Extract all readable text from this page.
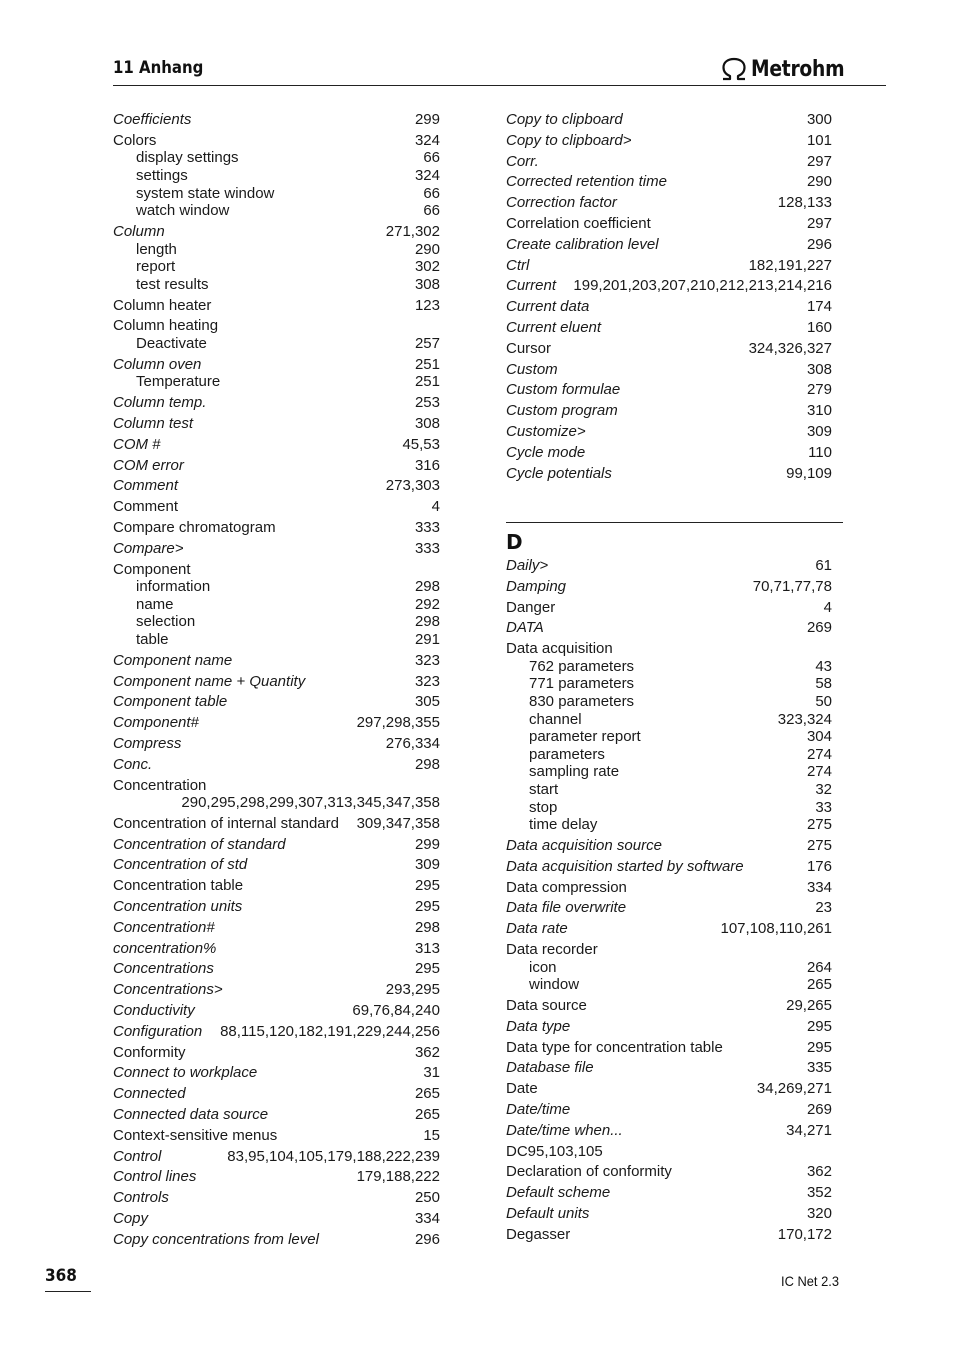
11 Anhang	Metrohm
Coefficients	299
Colors	324
display settings	66
settings	324
system state window	66
watch window	66
Column	271,302
length	290
report	302
test results	308
Column heater	123
Column heating
Deactivate	257
Column oven	251
Temperature	251
Column temp.	253
Column test	308
COM #	45,53
COM error	316
Comment	273,303
Comment	4
Compare chromatogram	333
Compare>	333
Component
information	298
name	292
selection	298
table	291
Component name	323
Component name + Quantity	323
Component table	305
Component#	297,298,355
Compress	276,334
Conc.	298
Concentration
290,295,298,299,307,313,345,347,358
Concentration of internal standard 309,347,358
Concentration of standard	299
Concentration of std	309
Concentration table	295
Concentration units	295
Concentration#	298
concentration%	313
Concentrations	295
Concentrations>	293,295
Conductivity	69,76,84,240
Configuration 88,115,120,182,191,229,244,256
Conformity	362
Connect to workplace	31
Connected	265
Connected data source	265
Context-sensitive menus	15
Control	83,95,104,105,179,188,222,239
Control lines	179,188,222
Controls	250
Copy	334
Copy concentrations from level	296
Copy to clipboard	300
Copy to clipboard>	101
Corr.	297
Corrected retention time	290
Correction factor	128,133
Correlation coefficient	297
Create calibration level	296
Ctrl	182,191,227
Current 199,201,203,207,210,212,213,214,216
Current data	174
Current eluent	160
Cursor	324,326,327
Custom	308
Custom formulae	279
Custom program	310
Customize>	309
Cycle mode	110
Cycle potentials	99,109
D
Daily>	61
Damping	70,71,77,78
Danger	4
DATA	269
Data acquisition
762 parameters	43
771 parameters	58
830 parameters	50
channel	323,324
parameter report	304
parameters	274
sampling rate	274
start	32
stop	33
time delay	275
Data acquisition source	275
Data acquisition started by software	176
Data compression	334
Data file overwrite	23
Data rate	107,108,110,261
Data recorder
icon	264
window	265
Data source	29,265
Data type	295
Data type for concentration table	295
Database file	335
Date	34,269,271
Date/time	269
Date/time when...	34,271
DC95,103,105
Declaration of conformity	362
Default scheme	352
Default units	320
Degasser	170,172
368	IC Net 2.3
